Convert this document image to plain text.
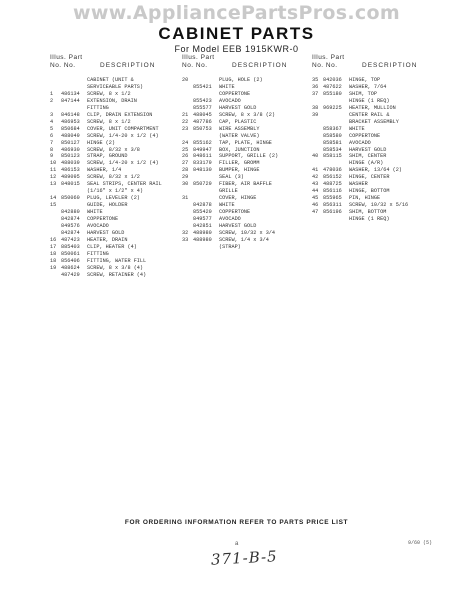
www.AppliancePartsPros.com
CABINET PARTS
For Model EEB 1915KWR-0
Illus. Part
No. No.	DESCRIPTION
CABINET (UNIT &
SERVICEABLE PARTS)
1	486134	SCREW, 8 x 1/2
2	847144	EXTENSION, DRAIN
FITTING
3	846148	CLIP, DRAIN EXTENSION
4	486953	SCREW, 8 x 1/2
5	850684	COVER, UNIT COMPARTMENT
6	488049	SCREW, 1/4-20 x 1/2 (4)
7	850127	HINGE (2)
8	486930	SCREW, 8/32 x 3/8
9	850123	STRAP, GROUND
10 488039	SCREW, 1/4-20 x 1/2 (4)
11 486153	WASHER, 1/4
12 489095	SCREW, 8/32 x 1/2
13 848015	SEAL STRIPS, CENTER RAIL
(1/16" x 1/2" x 4)
14 850060	PLUG, LEVELER (2)
15	GUIDE, HOLDER
842880	WHITE
842874	COPPERTONE
849576	AVOCADO
842874	HARVEST GOLD
16 487423	HEATER, DRAIN
17 885403	CLIP, HEATER (4)
18 850061	FITTING
18 856406	FITTING, WATER FILL
19 488624	SCREW, 8 x 3/8 (4)
487429	SCREW, RETAINER (4)
Illus. Part
No. No.	DESCRIPTION
20	PLUG, HOLE (2)
855421	WHITE
COPPERTONE
855423	AVOCADO
855577	HARVEST GOLD
21 488045	SCREW, 8 x 3/8 (2)
22 487786	CAP, PLASTIC
23 850753	WIRE ASSEMBLY
(WATER VALVE)
24 855162	TAP, PLATE, HINGE
25 849947	BOX, JUNCTION
26 848611	SUPPORT, GRILLE (2)
27 833179	FILLER, GROMM
28 848130	BUMPER, HINGE
29	SEAL (3)
30 850729	FIBER, AIR BAFFLE
GRILLE
31	COVER, HINGE
842878	WHITE
855420	COPPERTONE
849577	AVOCADO
842851	HARVEST GOLD
32 488980	SCREW, 10/32 x 3/4
33 488980	SCREW, 1/4 x 3/4
(STRAP)
Illus. Part
No. No.	DESCRIPTION
35 842036	HINGE, TOP
36 487622	WASHER, 7/64
37 855180	SHIM, TOP
HINGE (1 REQ)
38 969225	HEATER, MULLION
39	CENTER RAIL &
BRACKET ASSEMBLY
858367	WHITE
858580	COPPERTONE
858581	AVOCADO
858534	HARVEST GOLD
40 858115	SHIM, CENTER
HINGE (A/R)
41 478036	WASHER, 13/64 (2)
42 856152	HINGE, CENTER
43 488725	WASHER
44 856116	HINGE, BOTTOM
45 855965	PIN, HINGE
46 856311	SCREW, 10/32 x 5/16
47 856196	SHIM, BOTTOM
HINGE (1 REQ)
FOR ORDERING INFORMATION REFER TO PARTS PRICE LIST
a	9/60 (5)
371-B-5
